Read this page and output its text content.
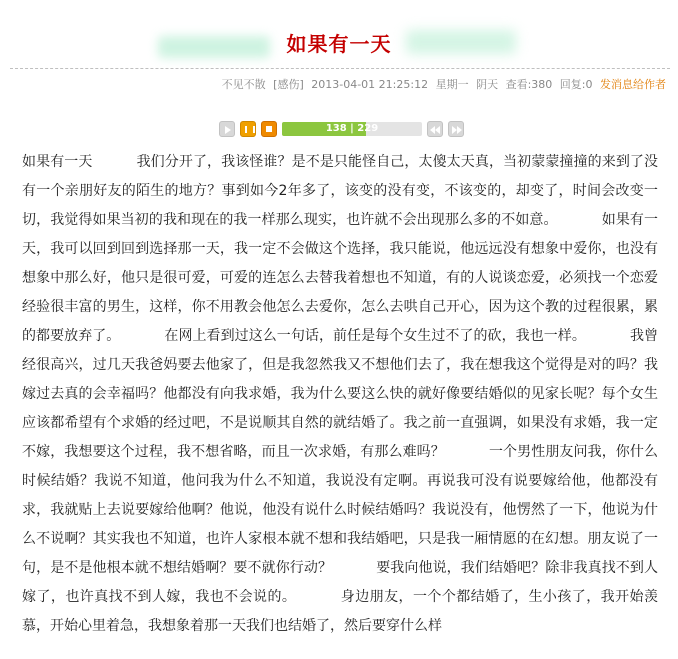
如果有一天
不见不散 [感伤] 2013-04-01 21:25:12 星期一 阴天 查看:380 回复:0 发消息给作者
138 | 229
如果有一天	我们分开了，我该怪谁？是不是只能怪自己，太傻太天真，当初蒙蒙撞撞的来到了没有一个亲朋好友的陌生的地方？事到如今2年多了，该变的没有变，不该变的，却变了，时间会改变一切，我觉得如果当初的我和现在的我一样那么现实，也许就不会出现那么多的不如意。	如果有一天，我可以回到回到选择那一天，我一定不会做这个选择，我只能说，他远远没有想象中爱你，也没有想象中那么好，他只是很可爱，可爱的连怎么去替我着想也不知道，有的人说谈恋爱，必须找一个恋爱经验很丰富的男生，这样，你不用教会他怎么去爱你，怎么去哄自己开心，因为这个教的过程很累，累的都要放弃了。	在网上看到过这么一句话，前任是每个女生过不了的砍，我也一样。	我曾经很高兴，过几天我爸妈要去他家了，但是我忽然我又不想他们去了，我在想我这个觉得是对的吗？我嫁过去真的会幸福吗？他都没有向我求婚，我为什么要这么快的就好像要结婚似的见家长呢？每个女生应该都希望有个求婚的经过吧，不是说顺其自然的就结婚了。我之前一直强调，如果没有求婚，我一定不嫁，我想要这个过程，我不想省略，而且一次求婚，有那么难吗？	一个男性朋友问我，你什么时候结婚？我说不知道，他问我为什么不知道，我说没有定啊。再说我可没有说要嫁给他，他都没有求，我就贴上去说要嫁给他啊？他说，他没有说什么时候结婚吗？我说没有，他愣然了一下，他说为什么不说啊？其实我也不知道，也许人家根本就不想和我结婚吧，只是我一厢情愿的在幻想。朋友说了一句，是不是他根本就不想结婚啊？要不就你行动？	要我向他说，我们结婚吧？除非我真找不到人嫁了，也许真找不到人嫁，我也不会说的。	身边朋友，一个个都结婚了，生小孩了，我开始羡慕，开始心里着急，我想象着那一天我们也结婚了，然后要穿什么样
